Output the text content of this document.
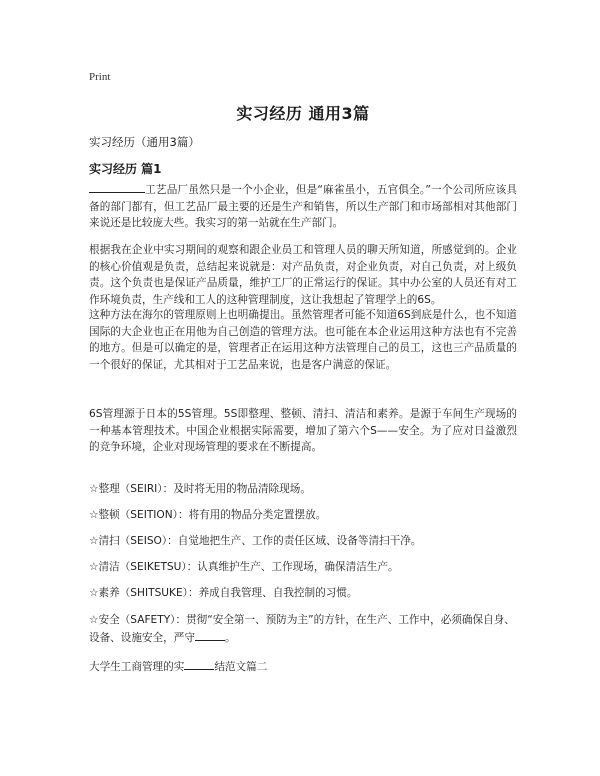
Print
实习经历 通用3篇
实习经历（通用3篇）
实习经历 篇1

工艺品厂虽然只是一个小企业，但是“麻雀虽小，五官俱全。”一个公司所应该具备的部门都有，但工艺品厂最主要的还是生产和销售，所以生产部门和市场部相对其他部门来说还是比较庞大些。我实习的第一站就在生产部门。

根据我在企业中实习期间的观察和跟企业员工和管理人员的聊天所知道，所感觉到的。企业的核心价值观是负责，总结起来说就是：对产品负责，对企业负责，对自己负责，对上级负责。这个负责也是保证产品质量，维护工厂的正常运行的保证。其中办公室的人员还有对工作环境负责，生产线和工人的这种管理制度，这让我想起了管理学上的6S。

这种方法在海尔的管理原则上也明确提出。虽然管理者可能不知道6S到底是什么，也不知道国际的大企业也正在用他为自己创造的管理方法。也可能在本企业运用这种方法也有不完善的地方。但是可以确定的是，管理者正在运用这种方法管理自己的员工，这也三产品质量的一个很好的保证，尤其相对于工艺品来说，也是客户满意的保证。

6S管理源于日本的5S管理。5S即整理、整顿、清扫、清洁和素养。是源于车间生产现场的一种基本管理技术。中国企业根据实际需要，增加了第六个S——安全。为了应对日益激烈的竞争环境，企业对现场管理的要求在不断提高。

☆整理（SEIRI）：及时将无用的物品清除现场。

☆整顿（SEITION）：将有用的物品分类定置摆放。

☆清扫（SEISO）：自觉地把生产、工作的责任区域、设备等清扫干净。

☆清洁（SEIKETSU）：认真维护生产、工作现场，确保清洁生产。

☆素养（SHITSUKE）：养成自我管理、自我控制的习惯。

☆安全（SAFETY）：贯彻“安全第一、预防为主”的方针，在生产、工作中，必须确保自身、设备、设施安全，严守	。

大学生工商管理的实	结范文篇二
